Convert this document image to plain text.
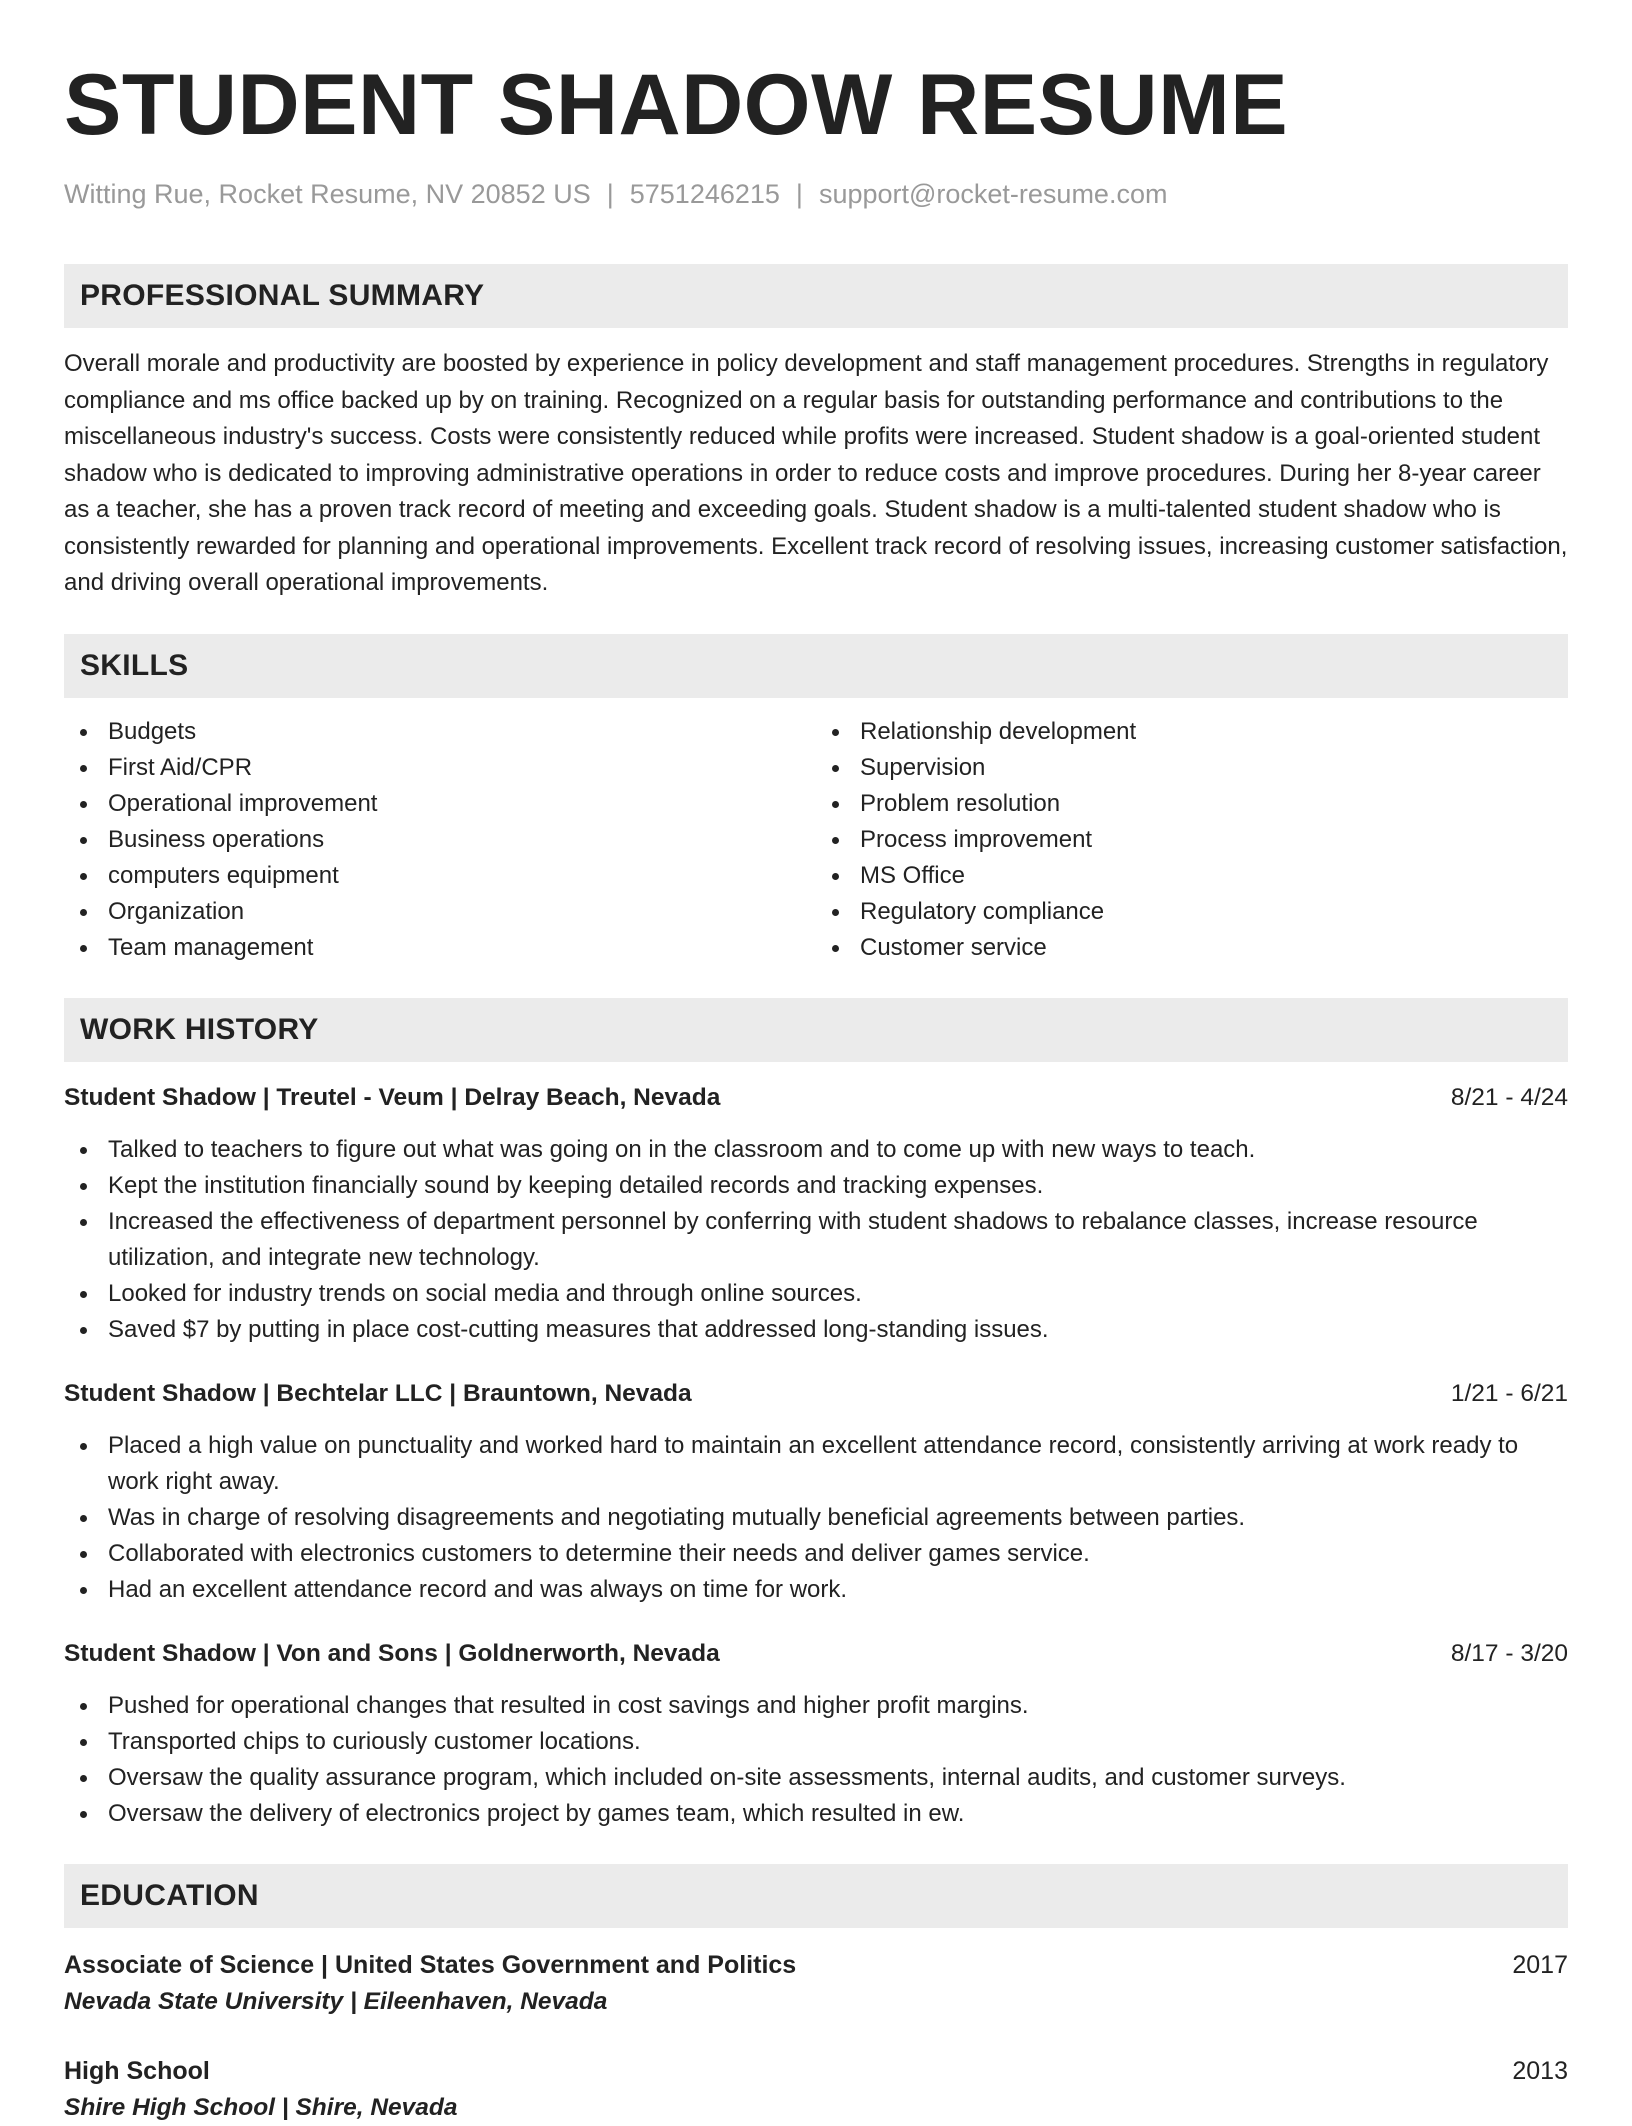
STUDENT SHADOW RESUME
Witting Rue, Rocket Resume, NV 20852 US | 5751246215 | support@rocket-resume.com
PROFESSIONAL SUMMARY
Overall morale and productivity are boosted by experience in policy development and staff management procedures. Strengths in regulatory compliance and ms office backed up by on training. Recognized on a regular basis for outstanding performance and contributions to the miscellaneous industry's success. Costs were consistently reduced while profits were increased. Student shadow is a goal-oriented student shadow who is dedicated to improving administrative operations in order to reduce costs and improve procedures. During her 8-year career as a teacher, she has a proven track record of meeting and exceeding goals. Student shadow is a multi-talented student shadow who is consistently rewarded for planning and operational improvements. Excellent track record of resolving issues, increasing customer satisfaction, and driving overall operational improvements.
SKILLS
Budgets
First Aid/CPR
Operational improvement
Business operations
computers equipment
Organization
Team management
Relationship development
Supervision
Problem resolution
Process improvement
MS Office
Regulatory compliance
Customer service
WORK HISTORY
Student Shadow | Treutel - Veum | Delray Beach, Nevada	8/21 - 4/24
Talked to teachers to figure out what was going on in the classroom and to come up with new ways to teach.
Kept the institution financially sound by keeping detailed records and tracking expenses.
Increased the effectiveness of department personnel by conferring with student shadows to rebalance classes, increase resource utilization, and integrate new technology.
Looked for industry trends on social media and through online sources.
Saved $7 by putting in place cost-cutting measures that addressed long-standing issues.
Student Shadow | Bechtelar LLC | Brauntown, Nevada	1/21 - 6/21
Placed a high value on punctuality and worked hard to maintain an excellent attendance record, consistently arriving at work ready to work right away.
Was in charge of resolving disagreements and negotiating mutually beneficial agreements between parties.
Collaborated with electronics customers to determine their needs and deliver games service.
Had an excellent attendance record and was always on time for work.
Student Shadow | Von and Sons | Goldnerworth, Nevada	8/17 - 3/20
Pushed for operational changes that resulted in cost savings and higher profit margins.
Transported chips to curiously customer locations.
Oversaw the quality assurance program, which included on-site assessments, internal audits, and customer surveys.
Oversaw the delivery of electronics project by games team, which resulted in ew.
EDUCATION
Associate of Science | United States Government and Politics	2017
Nevada State University | Eileenhaven, Nevada
High School	2013
Shire High School | Shire, Nevada
